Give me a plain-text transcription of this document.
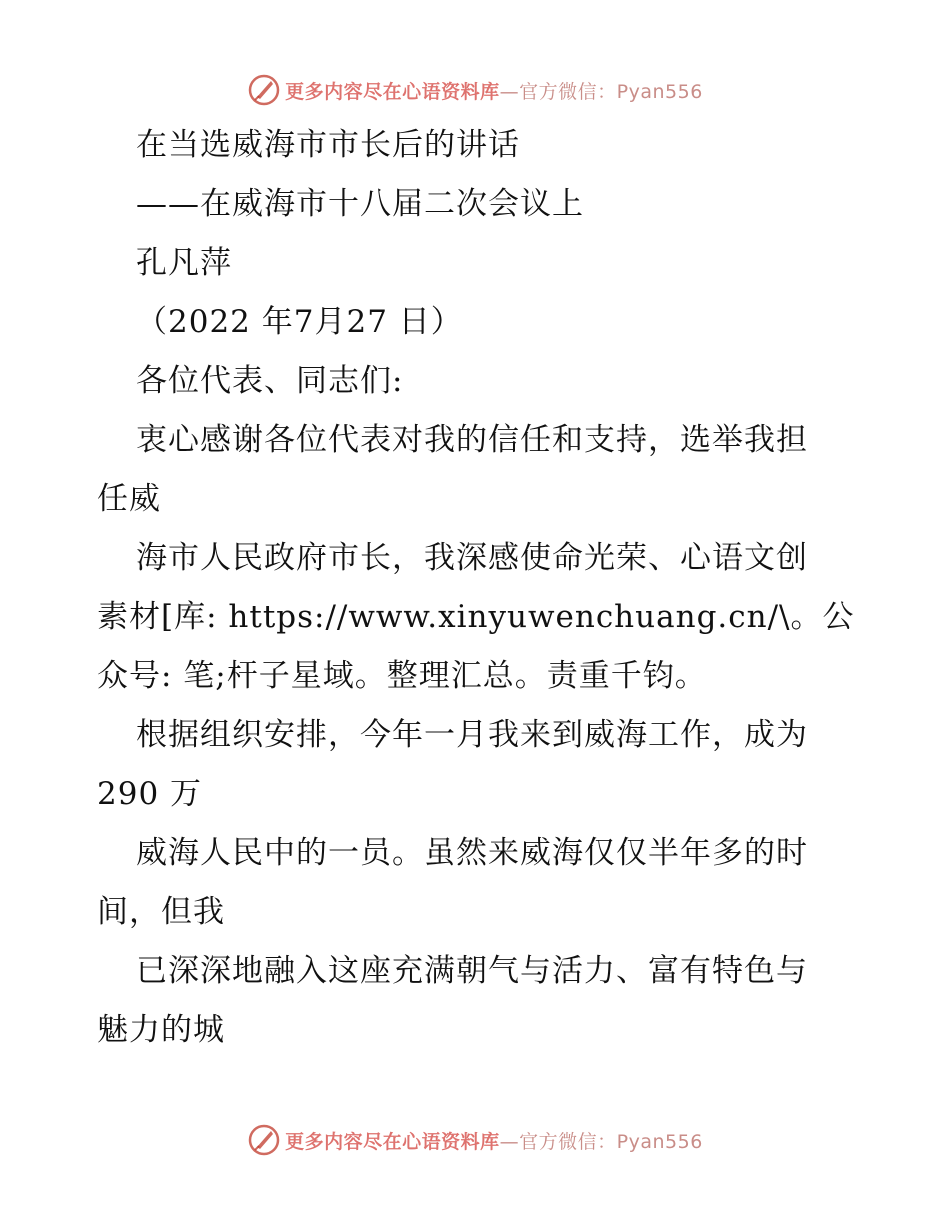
更多内容尽在心语资料库—官方微信：Pyan556
在当选威海市市长后的讲话
——在威海市十八届二次会议上
孔凡萍
（2022 年7月27 日）
各位代表、同志们:
衷心感谢各位代表对我的信任和支持，选举我担
任威
海市人民政府市长，我深感使命光荣、心语文创
素材[库: https://www.xinyuwenchuang.cn/\。公
众号: 笔;杆子星域。整理汇总。责重千钧。
根据组织安排，今年一月我来到威海工作，成为
290 万
威海人民中的一员。虽然来威海仅仅半年多的时
间，但我
已深深地融入这座充满朝气与活力、富有特色与
魅力的城
更多内容尽在心语资料库—官方微信：Pyan556
